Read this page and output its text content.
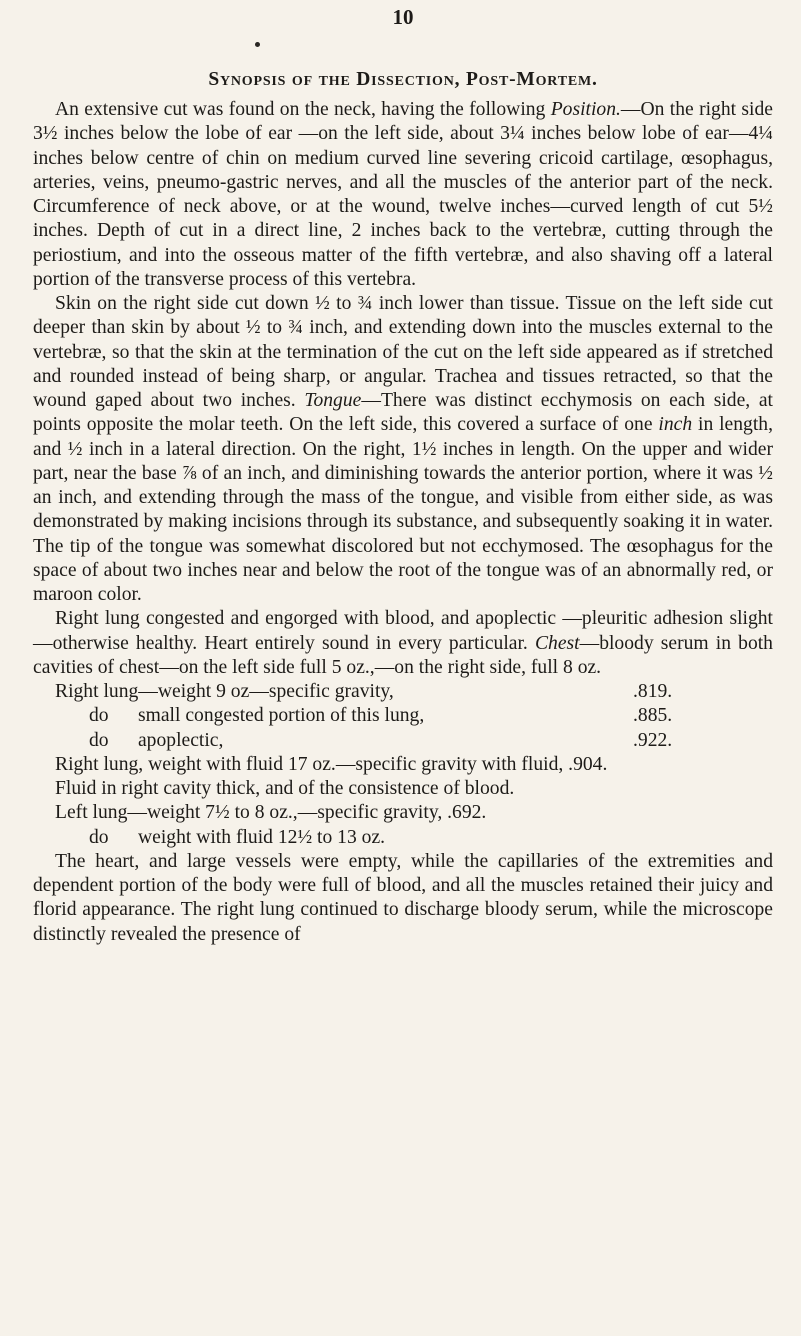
10
Synopsis of the Dissection, Post-Mortem.

An extensive cut was found on the neck, having the following Position.—On the right side 3½ inches below the lobe of ear —on the left side, about 3¼ inches below lobe of ear—4¼ inches below centre of chin on medium curved line severing cricoid cartilage, œsophagus, arteries, veins, pneumo-gastric nerves, and all the muscles of the anterior part of the neck. Circumference of neck above, or at the wound, twelve inches—curved length of cut 5½ inches. Depth of cut in a direct line, 2 inches back to the vertebræ, cutting through the periostium, and into the osseous matter of the fifth vertebræ, and also shaving off a lateral portion of the transverse process of this vertebra.

Skin on the right side cut down ½ to ¾ inch lower than tissue. Tissue on the left side cut deeper than skin by about ½ to ¾ inch, and extending down into the muscles external to the vertebræ, so that the skin at the termination of the cut on the left side appeared as if stretched and rounded instead of being sharp, or angular. Trachea and tissues retracted, so that the wound gaped about two inches. Tongue—There was distinct ecchymosis on each side, at points opposite the molar teeth. On the left side, this covered a surface of one inch in length, and ½ inch in a lateral direction. On the right, 1½ inches in length. On the upper and wider part, near the base ⅞ of an inch, and diminishing towards the anterior portion, where it was ½ an inch, and extending through the mass of the tongue, and visible from either side, as was demonstrated by making incisions through its substance, and subsequently soaking it in water. The tip of the tongue was somewhat discolored but not ecchymosed. The œsophagus for the space of about two inches near and below the root of the tongue was of an abnormally red, or maroon color.

Right lung congested and engorged with blood, and apoplectic —pleuritic adhesion slight—otherwise healthy. Heart entirely sound in every particular. Chest—bloody serum in both cavities of chest—on the left side full 5 oz.,—on the right side, full 8 oz.

Right lung—weight 9 oz—specific gravity,	.819.
do      small congested portion of this lung,	.885.
do      apoplectic,	.922.

Right lung, weight with fluid 17 oz.—specific gravity with fluid, .904.

Fluid in right cavity thick, and of the consistence of blood.

Left lung—weight 7½ to 8 oz.,—specific gravity, .692.

do      weight with fluid 12½ to 13 oz.

The heart, and large vessels were empty, while the capillaries of the extremities and dependent portion of the body were full of blood, and all the muscles retained their juicy and florid appearance. The right lung continued to discharge bloody serum, while the microscope distinctly revealed the presence of
